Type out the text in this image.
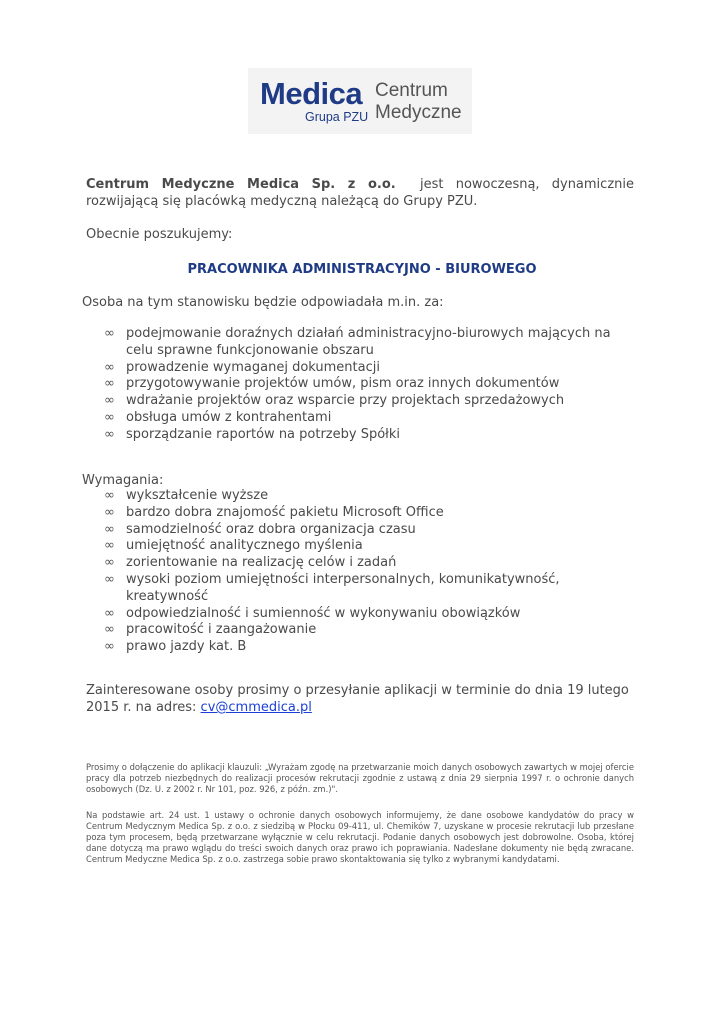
Medica
Grupa PZU
Centrum
Medyczne
Centrum Medyczne Medica Sp. z o.o. jest nowoczesną, dynamicznie rozwijającą się placówką medyczną należącą do Grupy PZU.
Obecnie poszukujemy:
PRACOWNIKA ADMINISTRACYJNO - BIUROWEGO
Osoba na tym stanowisku będzie odpowiadała m.in. za:
∞ podejmowanie doraźnych działań administracyjno-biurowych mających na celu sprawne funkcjonowanie obszaru
∞ prowadzenie wymaganej dokumentacji
∞ przygotowywanie projektów umów, pism oraz innych dokumentów
∞ wdrażanie projektów oraz wsparcie przy projektach sprzedażowych
∞ obsługa umów z kontrahentami
∞ sporządzanie raportów na potrzeby Spółki
Wymagania:
∞ wykształcenie wyższe
∞ bardzo dobra znajomość pakietu Microsoft Office
∞ samodzielność oraz dobra organizacja czasu
∞ umiejętność analitycznego myślenia
∞ zorientowanie na realizację celów i zadań
∞ wysoki poziom umiejętności interpersonalnych, komunikatywność, kreatywność
∞ odpowiedzialność i sumienność w wykonywaniu obowiązków
∞ pracowitość i zaangażowanie
∞ prawo jazdy kat. B
Zainteresowane osoby prosimy o przesyłanie aplikacji w terminie do dnia 19 lutego 2015 r. na adres: cv@cmmedica.pl
Prosimy o dołączenie do aplikacji klauzuli: „Wyrażam zgodę na przetwarzanie moich danych osobowych zawartych w mojej ofercie pracy dla potrzeb niezbędnych do realizacji procesów rekrutacji zgodnie z ustawą z dnia 29 sierpnia 1997 r. o ochronie danych osobowych (Dz. U. z 2002 r. Nr 101, poz. 926, z późn. zm.)".
Na podstawie art. 24 ust. 1 ustawy o ochronie danych osobowych informujemy, że dane osobowe kandydatów do pracy w Centrum Medycznym Medica Sp. z o.o. z siedzibą w Płocku 09-411, ul. Chemików 7, uzyskane w procesie rekrutacji lub przesłane poza tym procesem, będą przetwarzane wyłącznie w celu rekrutacji. Podanie danych osobowych jest dobrowolne. Osoba, której dane dotyczą ma prawo wglądu do treści swoich danych oraz prawo ich poprawiania. Nadesłane dokumenty nie będą zwracane. Centrum Medyczne Medica Sp. z o.o. zastrzega sobie prawo skontaktowania się tylko z wybranymi kandydatami.
